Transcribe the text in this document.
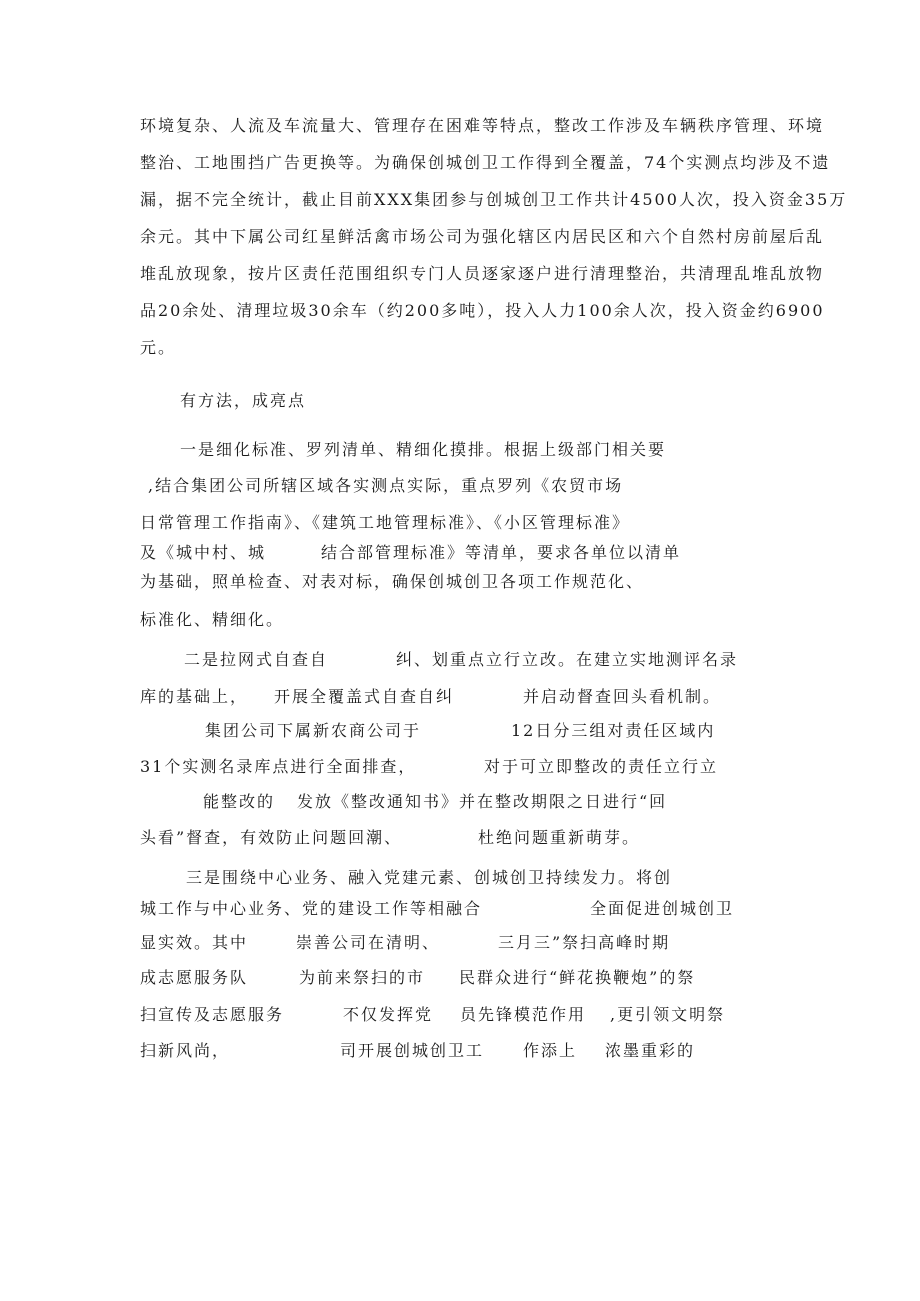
环境复杂、人流及车流量大、管理存在困难等特点，整改工作涉及车辆秩序管理、环境
整治、工地围挡广告更换等。为确保创城创卫工作得到全覆盖，74个实测点均涉及不遗
漏，据不完全统计，截止目前XXX集团参与创城创卫工作共计4500人次，投入资金35万
余元。其中下属公司红星鲜活禽市场公司为强化辖区内居民区和六个自然村房前屋后乱
堆乱放现象，按片区责任范围组织专门人员逐家逐户进行清理整治，共清理乱堆乱放物
品20余处、清理垃圾30余车（约200多吨），投入人力100余人次，投入资金约6900
元。
有方法，成亮点
一是细化标准、罗列清单、精细化摸排。根据上级部门相关要
,结合集团公司所辖区域各实测点实际，重点罗列《农贸市场
日常管理工作指南》、《建筑工地管理标准》、《小区管理标准》
及《城中村、城	结合部管理标准》等清单，要求各单位以清单
为基础，照单检查、对表对标，确保创城创卫各项工作规范化、
标准化、精细化。
二是拉网式自查自	纠、划重点立行立改。在建立实地测评名录
库的基础上， 开展全覆盖式自查自纠	并启动督查回头看机制。
集团公司下属新农商公司于	12日分三组对责任区域内
31个实测名录库点进行全面排查，	对于可立即整改的责任立行立
能整改的 发放《整改通知书》并在整改期限之日进行“回
头看”督查，有效防止问题回潮、	杜绝问题重新萌芽。
三是围绕中心业务、融入党建元素、创城创卫持续发力。将创
城工作与中心业务、党的建设工作等相融合	全面促进创城创卫
显实效。其中	崇善公司在清明、	三月三”祭扫高峰时期
成志愿服务队	为前来祭扫的市 民群众进行“鲜花换鞭炮”的祭
扫宣传及志愿服务	不仅发挥党 员先锋模范作用 ,更引领文明祭
扫新风尚，	司开展创城创卫工 作添上 浓墨重彩的
